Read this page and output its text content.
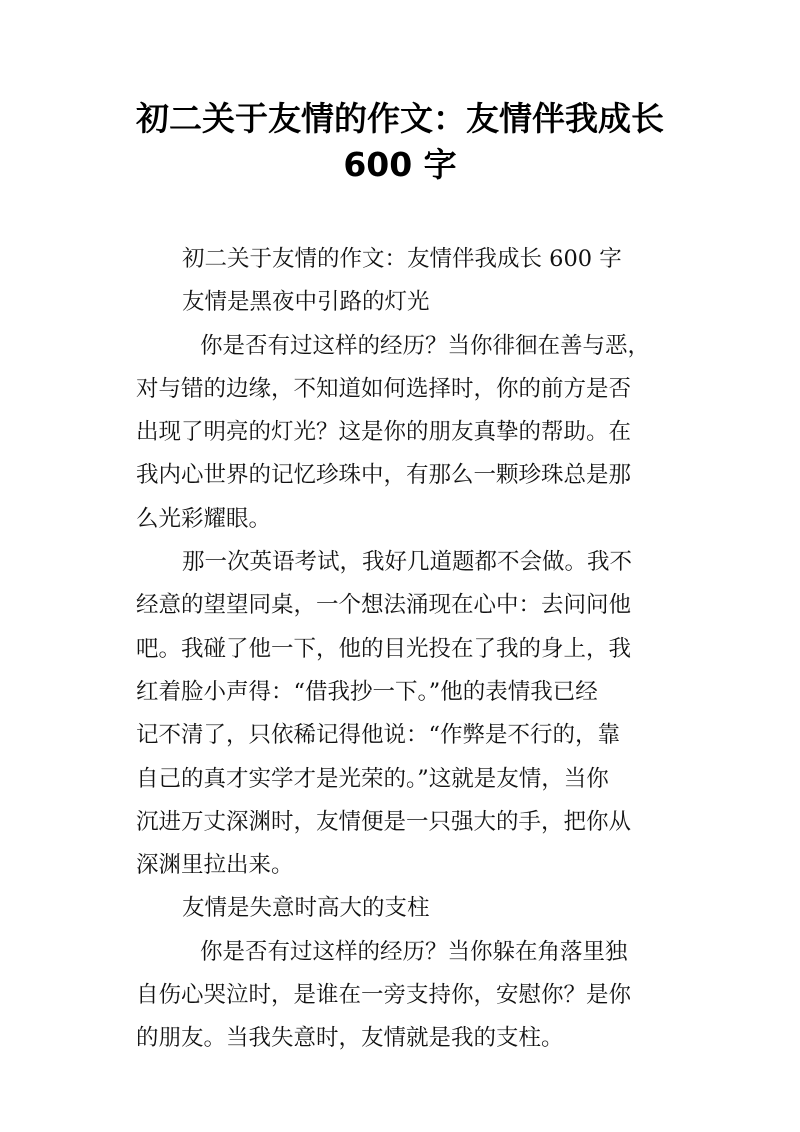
初二关于友情的作文：友情伴我成长
600 字
初二关于友情的作文：友情伴我成长 600 字
友情是黑夜中引路的灯光
你是否有过这样的经历？当你徘徊在善与恶，
对与错的边缘，不知道如何选择时，你的前方是否
出现了明亮的灯光？这是你的朋友真挚的帮助。在
我内心世界的记忆珍珠中，有那么一颗珍珠总是那
么光彩耀眼。
那一次英语考试，我好几道题都不会做。我不
经意的望望同桌，一个想法涌现在心中：去问问他
吧。我碰了他一下，他的目光投在了我的身上，我
红着脸小声得：“借我抄一下。”他的表情我已经
记不清了，只依稀记得他说：“作弊是不行的，靠
自己的真才实学才是光荣的。”这就是友情，当你
沉进万丈深渊时，友情便是一只强大的手，把你从
深渊里拉出来。
友情是失意时高大的支柱
你是否有过这样的经历？当你躲在角落里独
自伤心哭泣时，是谁在一旁支持你，安慰你？是你
的朋友。当我失意时，友情就是我的支柱。
